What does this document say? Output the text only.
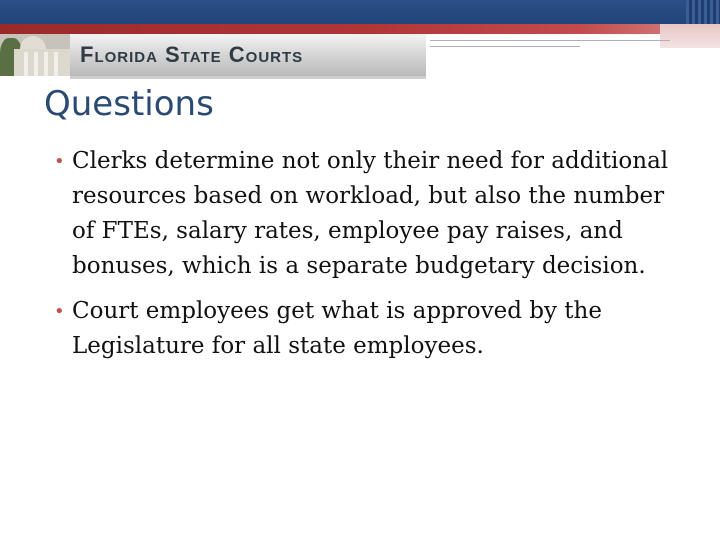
Florida State Courts
Questions
• Clerks determine not only their need for additional resources based on workload, but also the number of FTEs, salary rates, employee pay raises, and bonuses, which is a separate budgetary decision.
• Court employees get what is approved by the Legislature for all state employees.
